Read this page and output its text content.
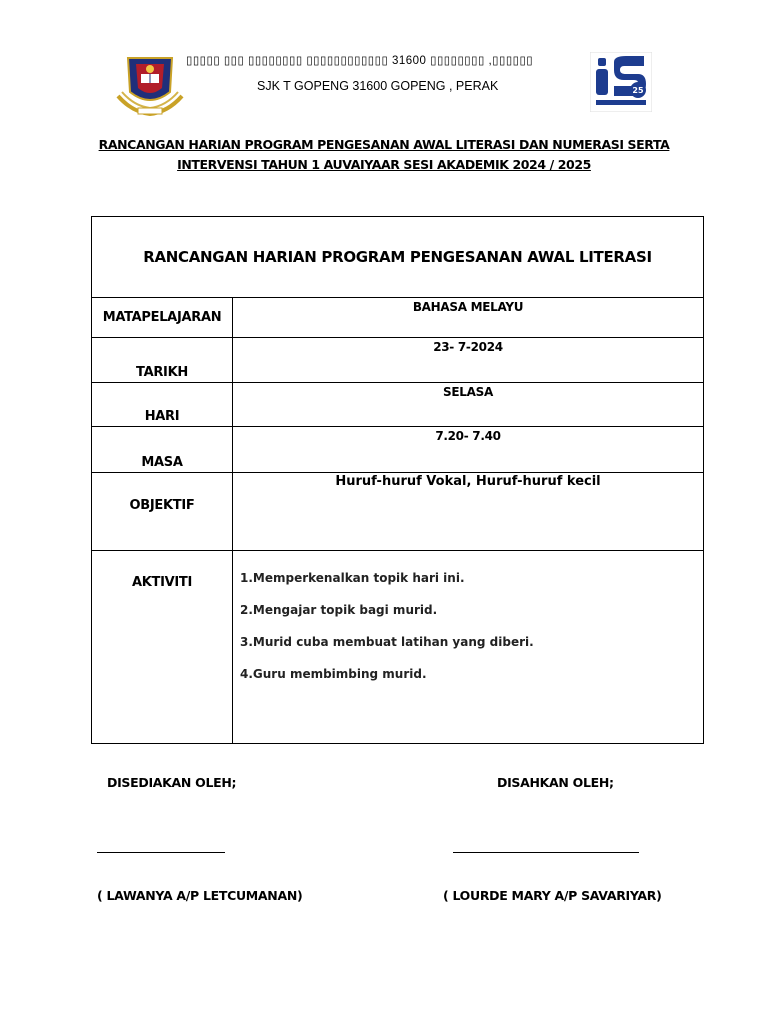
25
▯▯▯▯▯ ▯▯▯ ▯▯▯▯▯▯▯▯ ▯▯▯▯▯▯▯▯▯▯▯▯ 31600 ▯▯▯▯▯▯▯▯ ,▯▯▯▯▯▯
SJK T GOPENG 31600 GOPENG , PERAK
RANCANGAN HARIAN PROGRAM PENGESANAN AWAL LITERASI DAN NUMERASI SERTA
INTERVENSI TAHUN 1 AUVAIYAAR SESI AKADEMIK 2024 / 2025
RANCANGAN HARIAN PROGRAM PENGESANAN AWAL LITERASI	
MATAPELAJARAN	BAHASA MELAYU
TARIKH	23- 7-2024
HARI	SELASA
MASA	7.20- 7.40
OBJEKTIF	Huruf-huruf Vokal, Huruf-huruf kecil
AKTIVITI	1.Memperkenalkan topik hari ini.

2.Mengajar topik bagi murid.

3.Murid cuba membuat latihan yang diberi.

4.Guru membimbing murid.

DISEDIAKAN OLEH;	DISAHKAN OLEH;
( LAWANYA A/P LETCUMANAN)	( LOURDE MARY A/P SAVARIYAR)
